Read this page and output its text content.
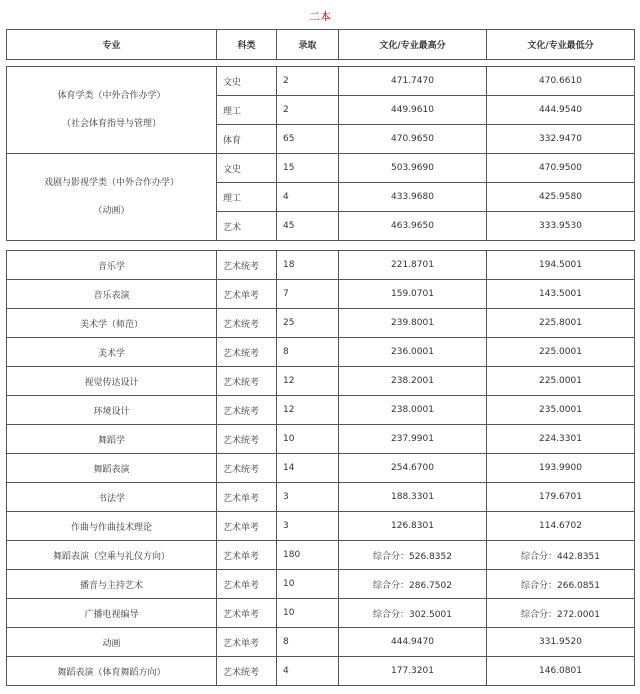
二本
专业	科类	录取	文化/专业最高分	文化/专业最低分
体育学类（中外合作办学）
（社会体育指导与管理）	文史	2	471.7470	470.6610
	理工	2	449.9610	444.9540
	体育	65	470.9650	332.9470

戏剧与影视学类（中外合作办学）
（动画）	文史	15	503.9690	470.9500
	理工	4	433.9680	425.9580
	艺术	45	463.9650	333.9530
音乐学	艺术统考	18	221.8701	194.5001
音乐表演	艺术单考	7	159.0701	143.5001
美术学（师范）	艺术统考	25	239.8001	225.8001
美术学	艺术统考	8	236.0001	225.0001
视觉传达设计	艺术统考	12	238.2001	225.0001
环境设计	艺术统考	12	238.0001	235.0001
舞蹈学	艺术统考	10	237.9901	224.3301
舞蹈表演	艺术统考	14	254.6700	193.9900
书法学	艺术单考	3	188.3301	179.6701
作曲与作曲技术理论	艺术单考	3	126.8301	114.6702
舞蹈表演（空乘与礼仪方向）	艺术单考	180	综合分：526.8352	综合分：442.8351
播音与主持艺术	艺术单考	10	综合分：286.7502	综合分：266.0851
广播电视编导	艺术单考	10	综合分：302.5001	综合分：272.0001
动画	艺术单考	8	444.9470	331.9520
舞蹈表演（体育舞蹈方向）	艺术统考	4	177.3201	146.0801
